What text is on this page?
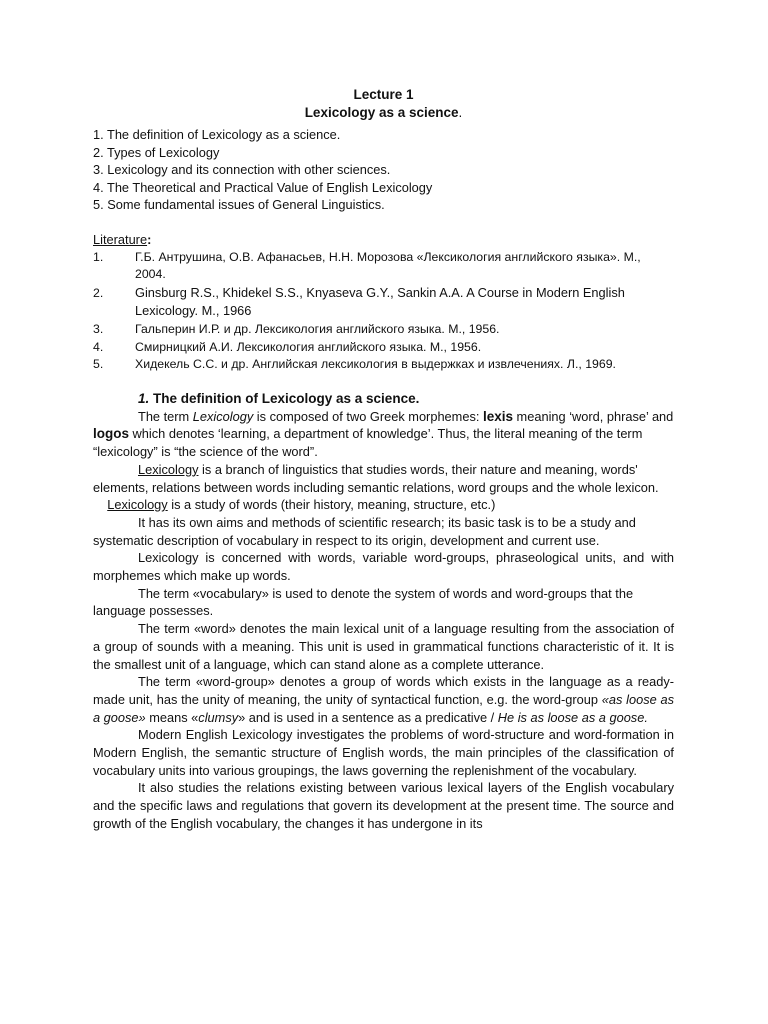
Lecture 1

Lexicology as a science.

1. The definition of Lexicology as a science.
2. Types of Lexicology
3. Lexicology and its connection with other sciences.
4. The Theoretical and Practical Value of English Lexicology
5. Some fundamental issues of General Linguistics.
Literature:
1.	Г.Б. Антрушина, О.В. Афанасьев, Н.Н. Морозова «Лексикология английского языка». М., 2004.
2. Ginsburg R.S., Khidekel S.S., Knyaseva G.Y., Sankin A.A. A Course in Modern English Lexicology. M., 1966
3.	Гальперин И.Р. и др. Лексикология английского языка. М., 1956.
4.	Смирницкий А.И. Лексикология английского языка. М., 1956.
5.	Хидекель С.С. и др. Английская лексикология в выдержках и извлечениях. Л., 1969.
1. The definition of Lexicology as a science.

The term Lexicology is composed of two Greek morphemes: lexis meaning ‘word, phrase’ and logos which denotes ‘learning, a department of knowledge’. Thus, the literal meaning of the term “lexicology” is “the science of the word”.

Lexicology is a branch of linguistics that studies words, their nature and meaning, words' elements, relations between words including semantic relations, word groups and the whole lexicon.    Lexicology is a study of words (their history, meaning, structure, etc.)

It has its own aims and methods of scientific research; its basic task is to be a study and systematic description of vocabulary in respect to its origin, development and current use.

Lexicology is concerned with words, variable word-groups, phraseological units, and with morphemes which make up words.

The term «vocabulary» is used to denote the system of words and word-groups that the language possesses.

The term «word» denotes the main lexical unit of a language resulting from the association of a group of sounds with a meaning. This unit is used in grammatical functions characteristic of it. It is the smallest unit of a language, which can stand alone as a complete utterance.

The term «word-group» denotes a group of words which exists in the language as a ready-made unit, has the unity of meaning, the unity of syntactical function, e.g. the word-group «as loose as a goose» means «clumsy» and is used in a sentence as a predicative / He is as loose as a goose.

Modern English Lexicology investigates the problems of word-structure and word-formation in Modern English, the semantic structure of English words, the main principles of the classification of vocabulary units into various groupings, the laws governing the replenishment of the vocabulary.

It also studies the relations existing between various lexical layers of the English vocabulary and the specific laws and regulations that govern its development at the present time. The source and growth of the English vocabulary, the changes it has undergone in its
